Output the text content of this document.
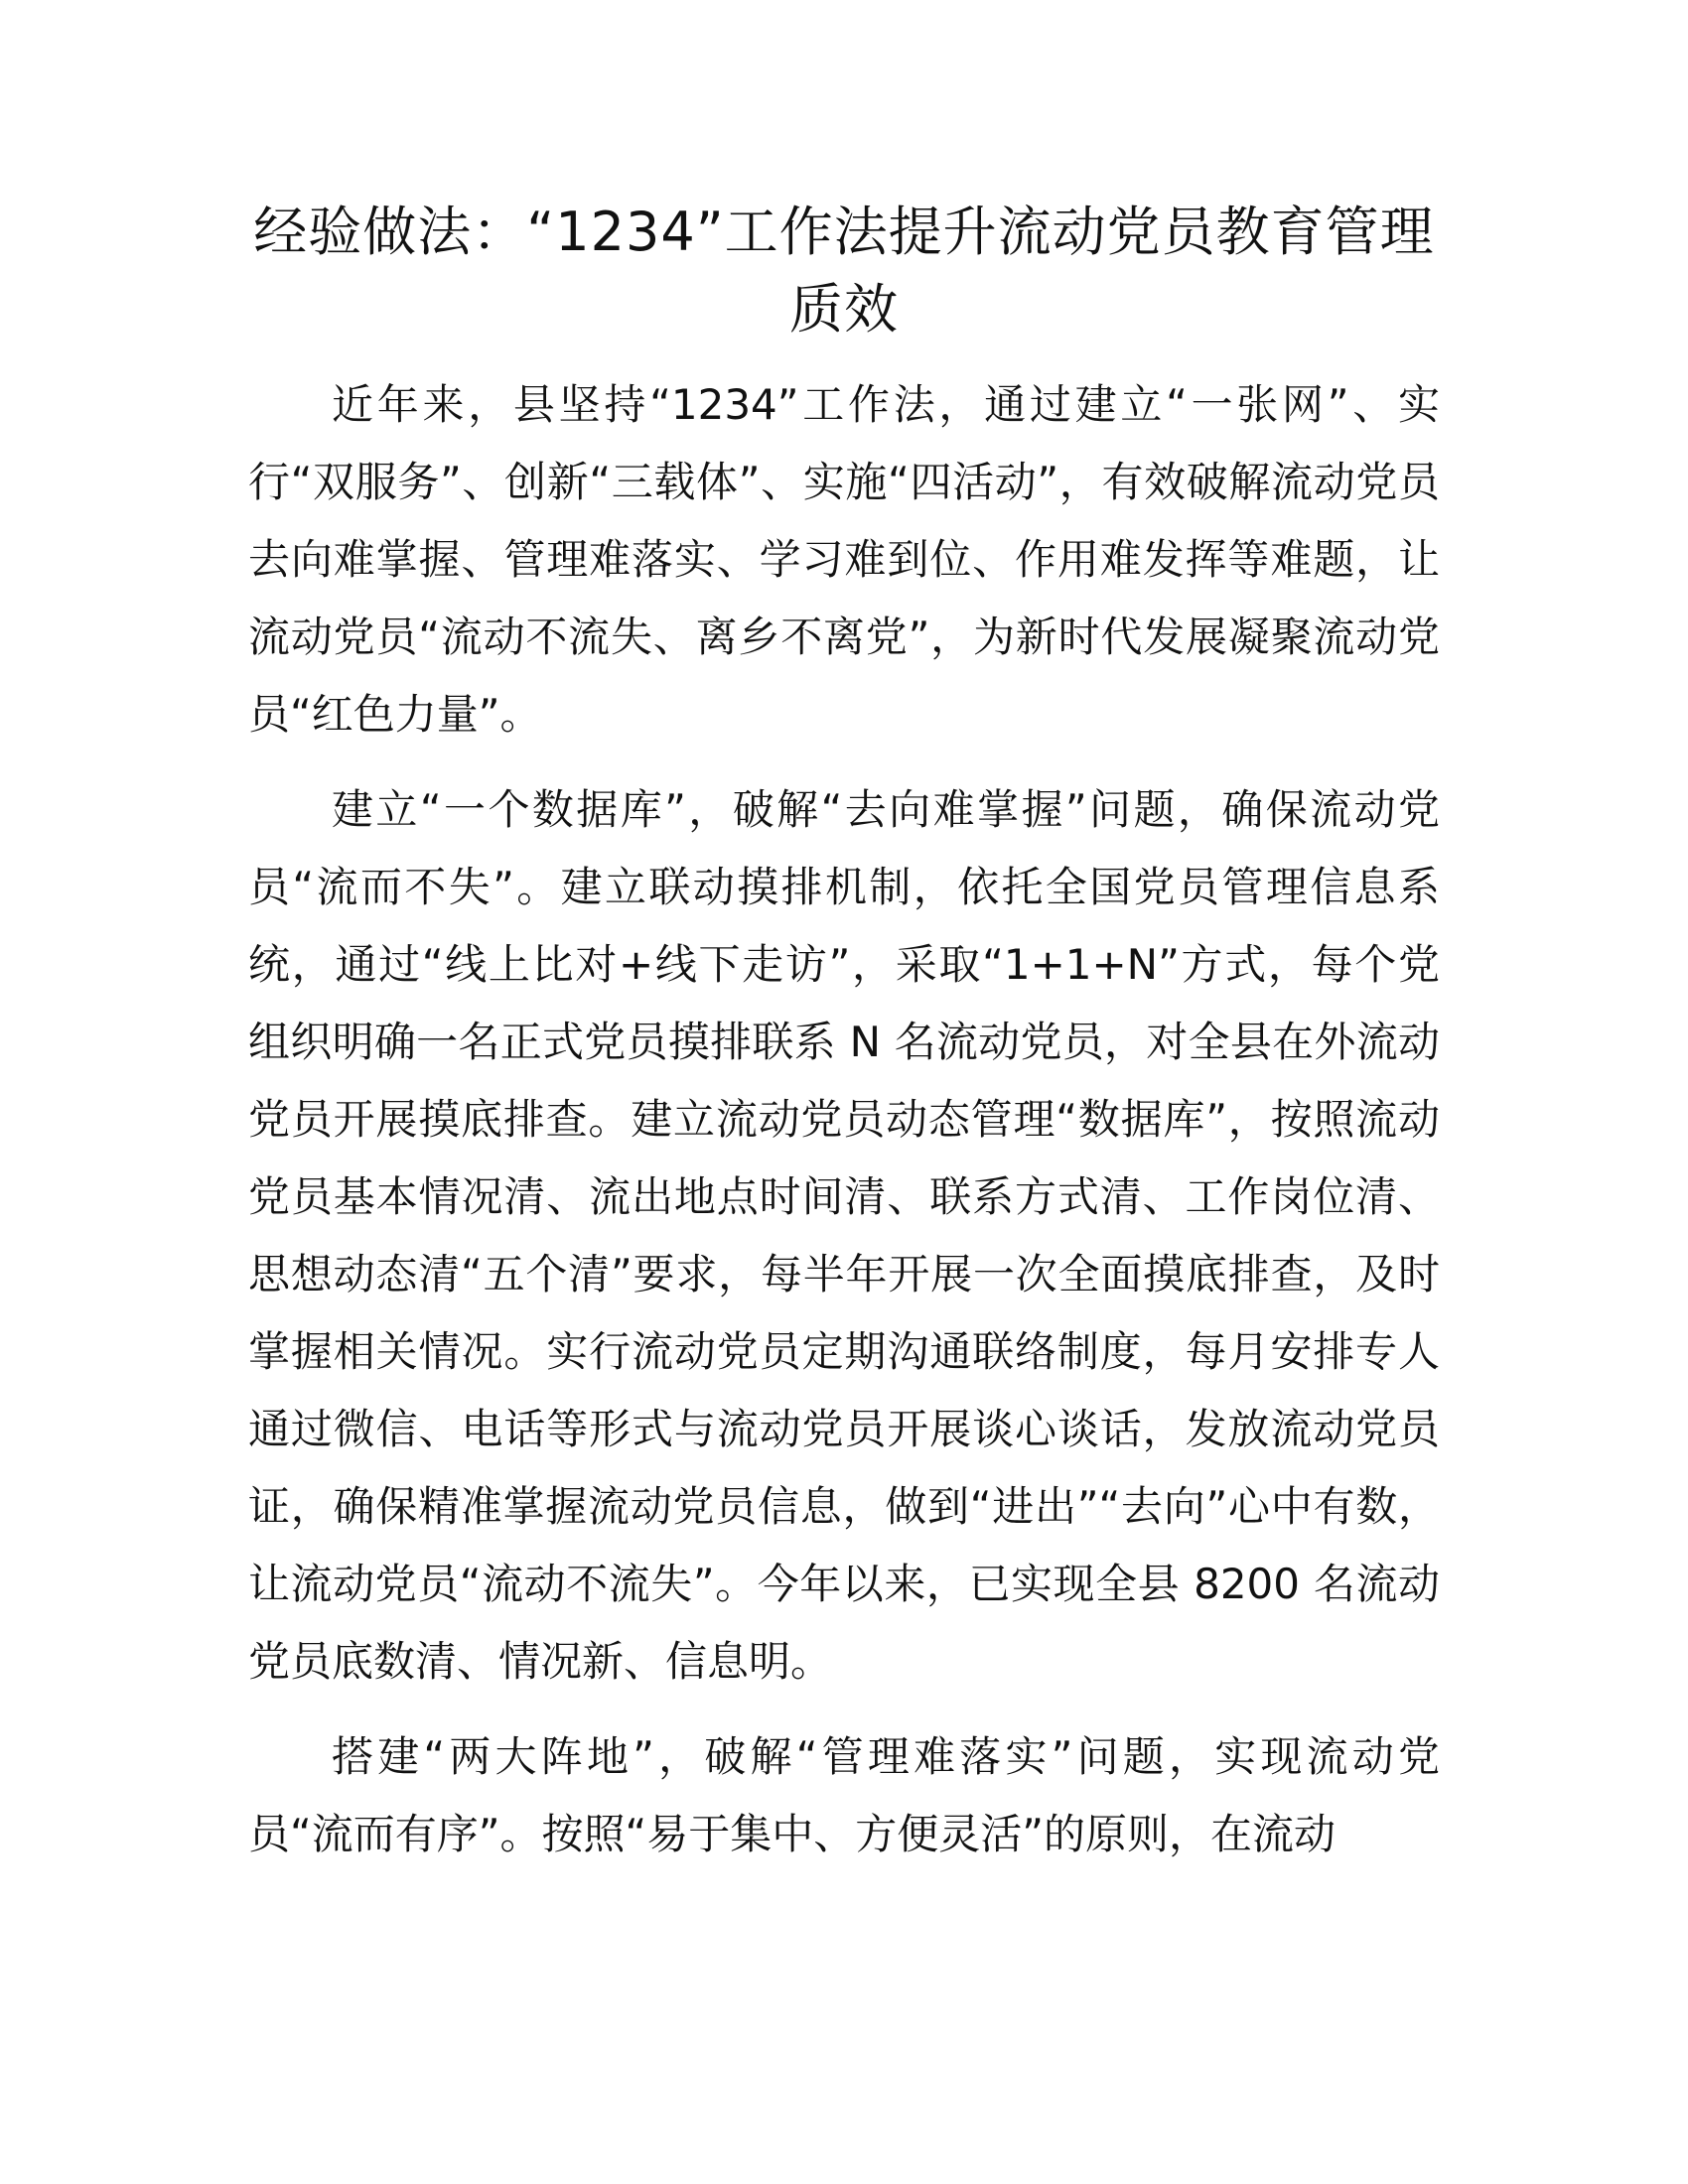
经验做法：“1234”工作法提升流动党员教育管理质效

近年来，县坚持“1234”工作法，通过建立“一张网”、实行“双服务”、创新“三载体”、实施“四活动”，有效破解流动党员去向难掌握、管理难落实、学习难到位、作用难发挥等难题，让流动党员“流动不流失、离乡不离党”，为新时代发展凝聚流动党员“红色力量”。

建立“一个数据库”，破解“去向难掌握”问题，确保流动党员“流而不失”。建立联动摸排机制，依托全国党员管理信息系统，通过“线上比对+线下走访”，采取“1+1+N”方式，每个党组织明确一名正式党员摸排联系 N 名流动党员，对全县在外流动党员开展摸底排查。建立流动党员动态管理“数据库”，按照流动党员基本情况清、流出地点时间清、联系方式清、工作岗位清、思想动态清“五个清”要求，每半年开展一次全面摸底排查，及时掌握相关情况。实行流动党员定期沟通联络制度，每月安排专人通过微信、电话等形式与流动党员开展谈心谈话，发放流动党员证，确保精准掌握流动党员信息，做到“进出”“去向”心中有数，让流动党员“流动不流失”。今年以来，已实现全县 8200 名流动党员底数清、情况新、信息明。

搭建“两大阵地”，破解“管理难落实”问题，实现流动党员“流而有序”。按照“易于集中、方便灵活”的原则，在流动
